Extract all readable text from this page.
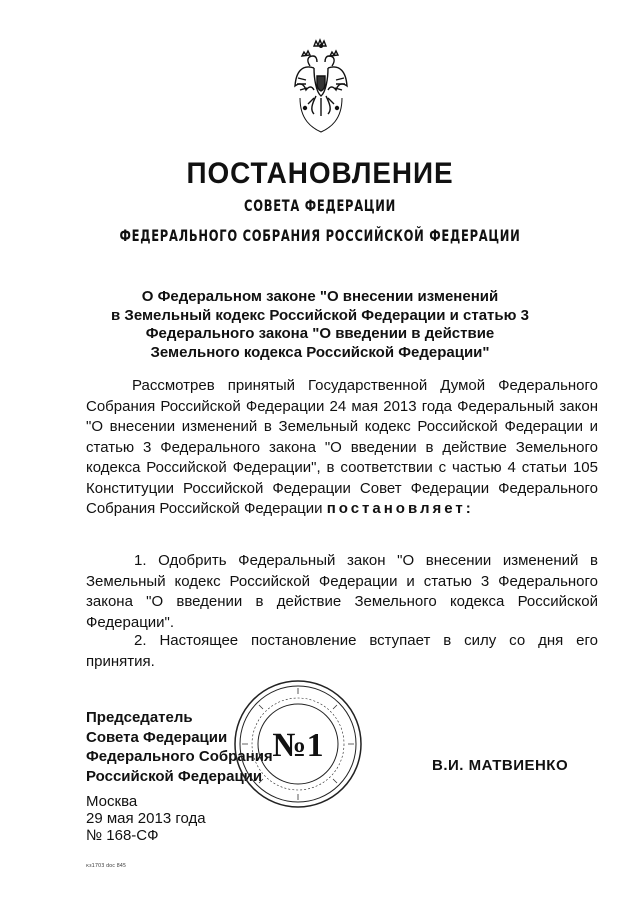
ПОСТАНОВЛЕНИЕ
СОВЕТА ФЕДЕРАЦИИ
ФЕДЕРАЛЬНОГО СОБРАНИЯ РОССИЙСКОЙ ФЕДЕРАЦИИ
О Федеральном законе "О внесении изменений
в Земельный кодекс Российской Федерации и статью 3
Федерального закона "О введении в действие
Земельного кодекса Российской Федерации"
Рассмотрев принятый Государственной Думой Федерального Собрания Российской Федерации 24 мая 2013 года Федеральный закон "О внесении изменений в Земельный кодекс Российской Федерации и статью 3 Федерального закона "О введении в действие Земельного кодекса Российской Федерации", в соответствии с частью 4 статьи 105 Конституции Российской Федерации Совет Федерации Федерального Собрания Российской Федерации постановляет:
1. Одобрить Федеральный закон "О внесении изменений в Земельный кодекс Российской Федерации и статью 3 Федерального закона "О введении в действие Земельного кодекса Российской Федерации".
2. Настоящее постановление вступает в силу со дня его принятия.
Председатель
Совета Федерации
Федерального Собрания
Российской Федерации
№1
В.И. МАТВИЕНКО
Москва
29 мая 2013 года
№ 168-СФ
кз1703 doc 845
